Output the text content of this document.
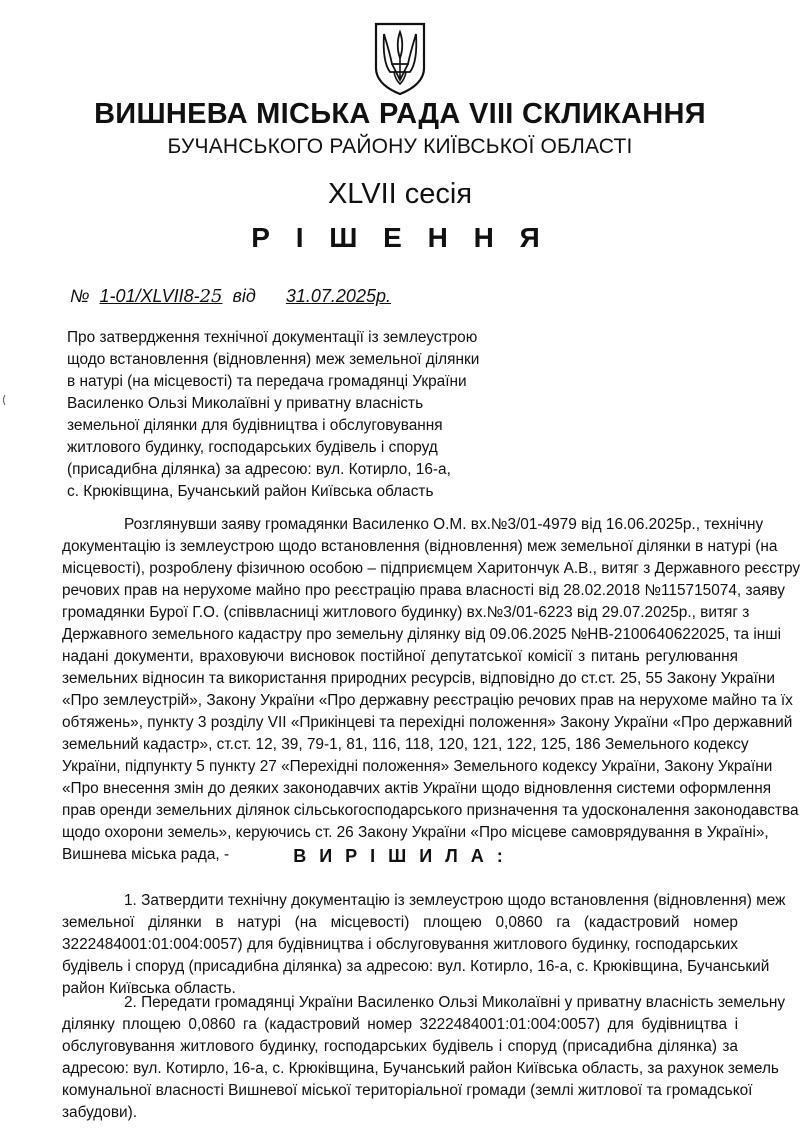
ВИШНЕВА МІСЬКА РАДА VIII СКЛИКАННЯ
БУЧАНСЬКОГО РАЙОНУ КИЇВСЬКОЇ ОБЛАСТІ
XLVII сесія
Р І Ш Е Н Н Я
№ 1-01/XLVII8-25 від 31.07.2025р.
Про затвердження технічної документації із землеустрою
щодо встановлення (відновлення) меж земельної ділянки
в натурі (на місцевості) та передача громадянці України
Василенко Ользі Миколаївні у приватну власність
земельної ділянки для будівництва і обслуговування
житлового будинку, господарських будівель і споруд
(присадибна ділянка) за адресою: вул. Котирло, 16-а,
с. Крюківщина, Бучанський район Київська область
Розглянувши заяву громадянки Василенко О.М. вх.№3/01-4979 від 16.06.2025р., технічну
документацію із землеустрою щодо встановлення (відновлення) меж земельної ділянки в натурі (на
місцевості), розроблену фізичною особою – підприємцем Харитончук А.В., витяг з Державного реєстру
речових прав на нерухоме майно про реєстрацію права власності від 28.02.2018 №115715074, заяву
громадянки Бурої Г.О. (співвласниці житлового будинку) вх.№3/01-6223 від 29.07.2025р., витяг з
Державного земельного кадастру про земельну ділянку від 09.06.2025 №НВ-2100640622025, та інші
надані документи, враховуючи висновок постійної депутатської комісії з питань регулювання
земельних відносин та використання природних ресурсів, відповідно до ст.ст. 25, 55 Закону України
«Про землеустрій», Закону України «Про державну реєстрацію речових прав на нерухоме майно та їх
обтяжень», пункту 3 розділу VII «Прикінцеві та перехідні положення» Закону України «Про державний
земельний кадастр», ст.ст. 12, 39, 79-1, 81, 116, 118, 120, 121, 122, 125, 186 Земельного кодексу
України, підпункту 5 пункту 27 «Перехідні положення» Земельного кодексу України, Закону України
«Про внесення змін до деяких законодавчих актів України щодо відновлення системи оформлення
прав оренди земельних ділянок сільськогосподарського призначення та удосконалення законодавства
щодо охорони земель», керуючись ст. 26 Закону України «Про місцеве самоврядування в Україні»,
Вишнева міська рада, -	В И Р І Ш И Л А :
1. Затвердити технічну документацію із землеустрою щодо встановлення (відновлення) меж
земельної ділянки в натурі (на місцевості) площею 0,0860 га (кадастровий номер
3222484001:01:004:0057) для будівництва і обслуговування житлового будинку, господарських
будівель і споруд (присадибна ділянка) за адресою: вул. Котирло, 16-а, с. Крюківщина, Бучанський
район Київська область.
2. Передати громадянці України Василенко Ользі Миколаївні у приватну власність земельну
ділянку площею 0,0860 га (кадастровий номер 3222484001:01:004:0057) для будівництва і
обслуговування житлового будинку, господарських будівель і споруд (присадибна ділянка) за
адресою: вул. Котирло, 16-а, с. Крюківщина, Бучанський район Київська область, за рахунок земель
комунальної власності Вишневої міської територіальної громади (землі житлової та громадської
забудови).
